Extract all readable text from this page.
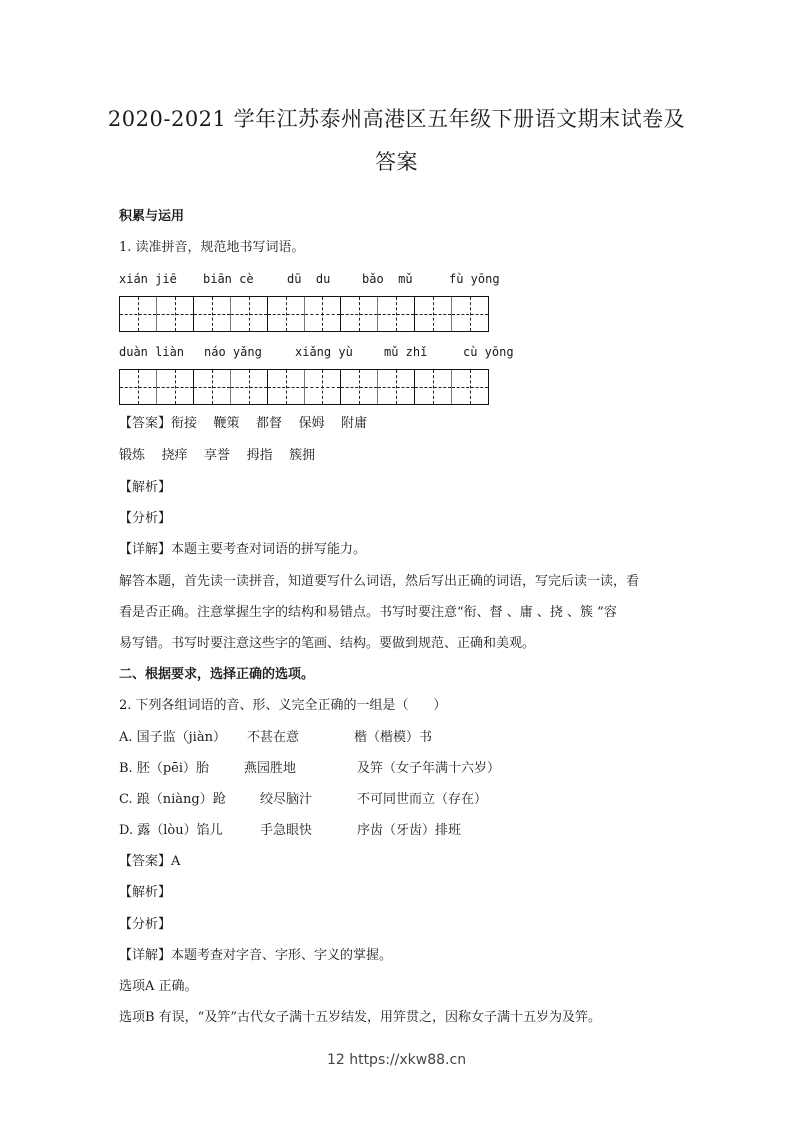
2020-2021 学年江苏泰州高港区五年级下册语文期末试卷及
答案
积累与运用
1. 读准拼音，规范地书写词语。
xián jiē biān cè	dū  du	bǎo  mǔ	fù yōng
duàn liàn náo yǎng	xiǎng yù	mǔ zhǐ	cù yōng
【答案】衔接    鞭策    都督    保姆    附庸
锻炼    挠痒    享誉    拇指    簇拥
【解析】
【分析】
【详解】本题主要考查对词语的拼写能力。
解答本题，首先读一读拼音，知道要写什么词语，然后写出正确的词语，写完后读一读，看
看是否正确。注意掌握生字的结构和易错点。书写时要注意“衔、督 、庸 、挠 、簇 ”容
易写错。书写时要注意这些字的笔画、结构。要做到规范、正确和美观。
二、根据要求，选择正确的选项。
2. 下列各组词语的音、形、义完全正确的一组是（      ）
A. 国子监（jiàn） 不甚在意	楷（楷模）书
B. 胚（pēi）胎	燕园胜地	及笄（女子年满十六岁）
C. 踉（niàng）跄	绞尽脑汁	不可同世而立（存在）
D. 露（lòu）馅儿	手急眼快	序齿（牙齿）排班
【答案】A
【解析】
【分析】
【详解】本题考查对字音、字形、字义的掌握。
选项A 正确。
选项B 有误，“及笄”古代女子满十五岁结发，用笄贯之，因称女子满十五岁为及笄。
12 https://xkw88.cn
